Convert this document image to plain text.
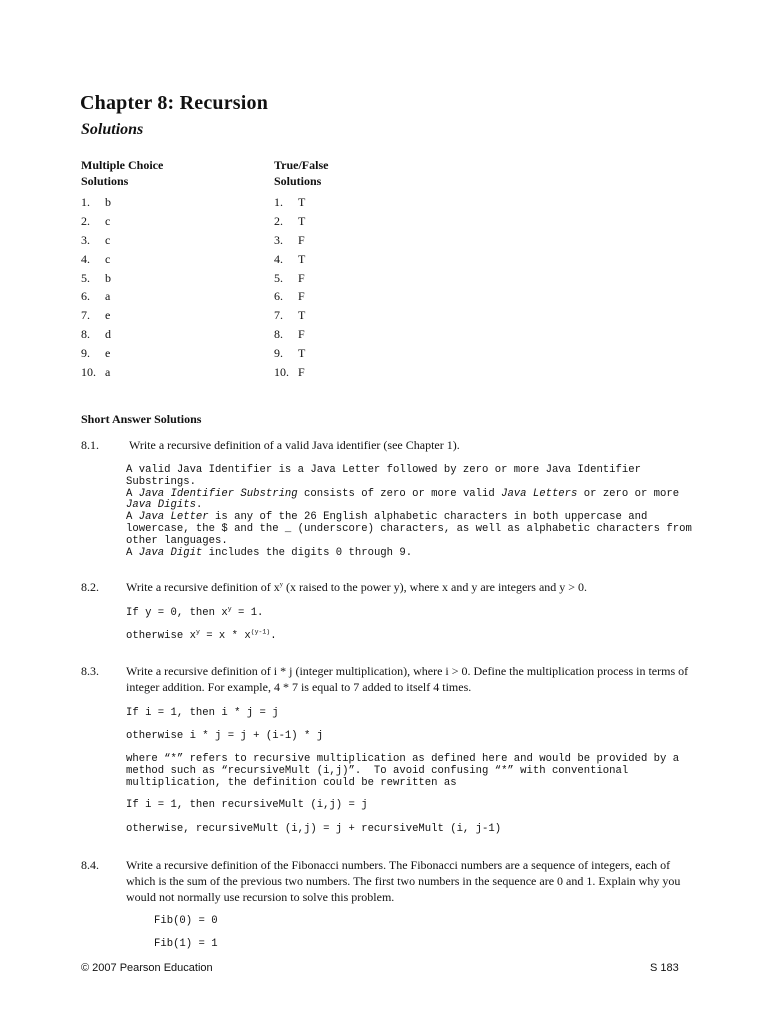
Chapter 8: Recursion
Solutions
Multiple Choice
Solutions
1. b
2. c
3. c
4. c
5. b
6. a
7. e
8. d
9. e
10. a
True/False
Solutions
1. T
2. T
3. F
4. T
5. F
6. F
7. T
8. F
9. T
10. F
Short Answer Solutions
8.1.	Write a recursive definition of a valid Java identifier (see Chapter 1).
A valid Java Identifier is a Java Letter followed by zero or more Java Identifier Substrings.
A Java Identifier Substring consists of zero or more valid Java Letters or zero or more Java Digits.
A Java Letter is any of the 26 English alphabetic characters in both uppercase and lowercase, the $ and the _ (underscore) characters, as well as alphabetic characters from other languages.
A Java Digit includes the digits 0 through 9.
8.2. Write a recursive definition of $x^y$ (x raised to the power y), where x and y are integers and y > 0.
If y = 0, then $x^y = 1$.
otherwise $x^y = x * x^{(y-1)}$.
8.3. Write a recursive definition of i * j (integer multiplication), where i > 0. Define the multiplication process in terms of integer addition. For example, 4 * 7 is equal to 7 added to itself 4 times.
If i = 1, then i * j = j
otherwise i * j = j + (i-1) * j
where “*” refers to recursive multiplication as defined here and would be provided by a method such as “recursiveMult (i,j)”.  To avoid confusing “*” with conventional multiplication, the definition could be rewritten as
If i = 1, then recursiveMult (i,j) = j
otherwise, recursiveMult (i,j) = j + recursiveMult (i, j-1)
8.4. Write a recursive definition of the Fibonacci numbers. The Fibonacci numbers are a sequence of integers, each of which is the sum of the previous two numbers. The first two numbers in the sequence are 0 and 1. Explain why you would not normally use recursion to solve this problem.
Fib(0) = 0
Fib(1) = 1
© 2007 Pearson Education	S 183
